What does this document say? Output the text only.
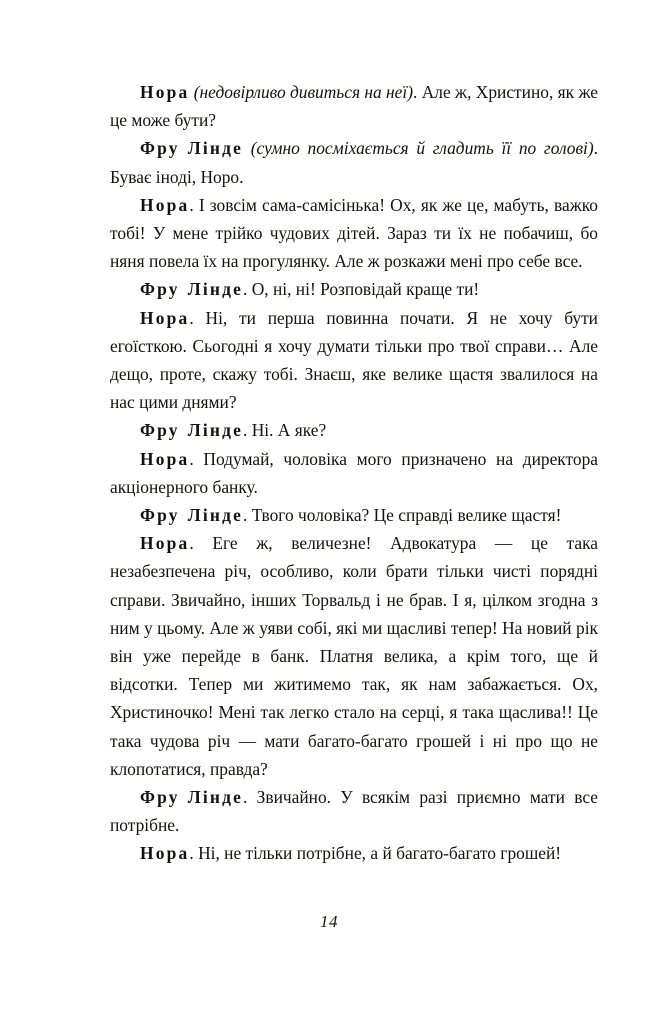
Нора (недовірливо дивиться на неї). Але ж, Христино, як же це може бути?

Фру Лінде (сумно посміхається й гладить її по голові). Буває іноді, Норо.

Нора. І зовсім сама-самісінька! Ох, як же це, мабуть, важко тобі! У мене трійко чудових дітей. Зараз ти їх не побачиш, бо няня повела їх на прогулянку. Але ж розкажи мені про себе все.

Фру Лінде. О, ні, ні! Розповідай краще ти!

Нора. Ні, ти перша повинна почати. Я не хочу бути егоїсткою. Сьогодні я хочу думати тільки про твої справи… Але дещо, проте, скажу тобі. Знаєш, яке велике щастя звалилося на нас цими днями?

Фру Лінде. Ні. А яке?

Нора. Подумай, чоловіка мого призначено на директора акціонерного банку.

Фру Лінде. Твого чоловіка? Це справді велике щастя!

Нора. Еге ж, величезне! Адвокатура — це така незабезпечена річ, особливо, коли брати тільки чисті порядні справи. Звичайно, інших Торвальд і не брав. І я, цілком згодна з ним у цьому. Але ж уяви собі, які ми щасливі тепер! На новий рік він уже перейде в банк. Платня велика, а крім того, ще й відсотки. Тепер ми житимемо так, як нам забажається. Ох, Христиночко! Мені так легко стало на серці, я така щаслива!! Це така чудова річ — мати багато-багато грошей і ні про що не клопотатися, правда?

Фру Лінде. Звичайно. У всякім разі приємно мати все потрібне.

Нора. Ні, не тільки потрібне, а й багато-багато грошей!

14
